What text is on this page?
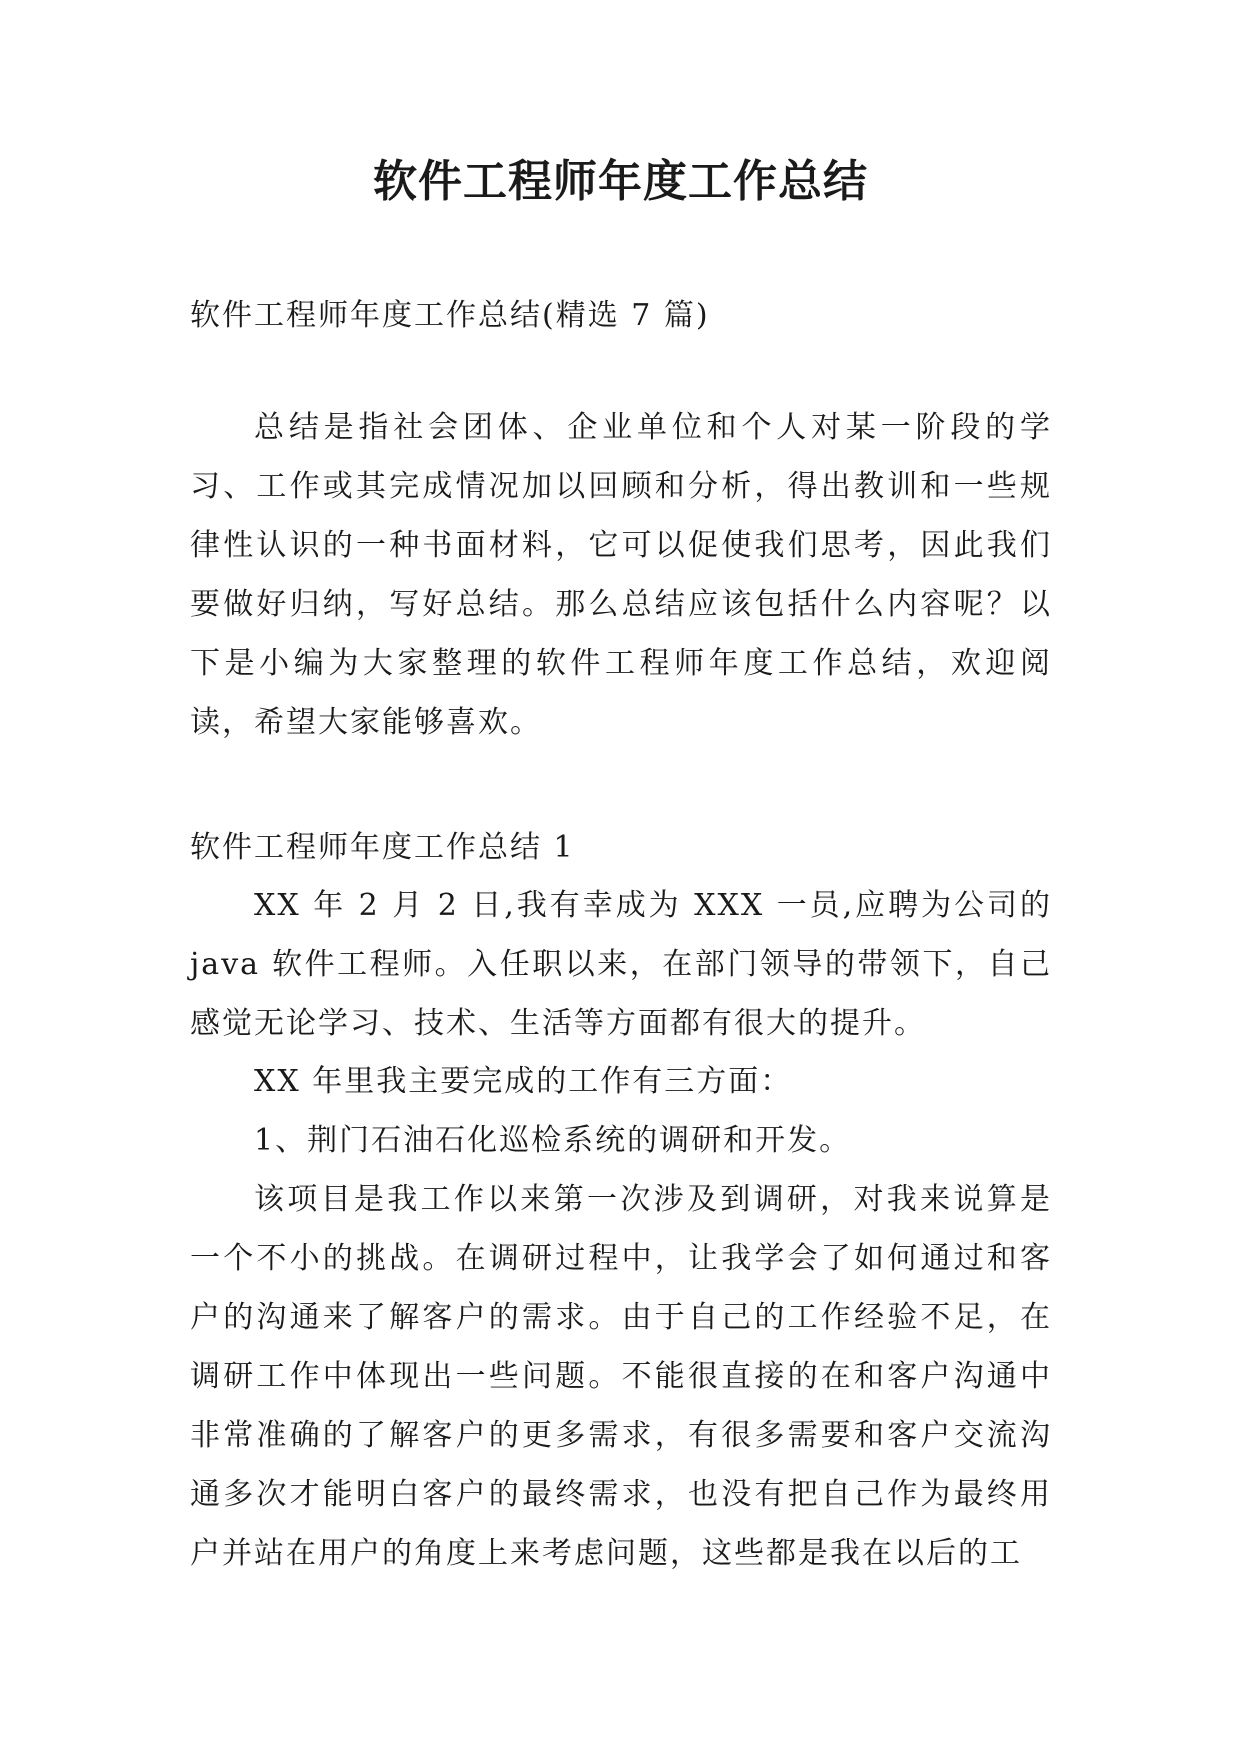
软件工程师年度工作总结

软件工程师年度工作总结(精选 7 篇)

总结是指社会团体、企业单位和个人对某一阶段的学习、工作或其完成情况加以回顾和分析，得出教训和一些规律性认识的一种书面材料，它可以促使我们思考，因此我们要做好归纳，写好总结。那么总结应该包括什么内容呢？以下是小编为大家整理的软件工程师年度工作总结，欢迎阅读，希望大家能够喜欢。

软件工程师年度工作总结 1

XX 年 2 月 2 日,我有幸成为 XXX 一员,应聘为公司的 java 软件工程师。入任职以来，在部门领导的带领下，自己感觉无论学习、技术、生活等方面都有很大的提升。

XX 年里我主要完成的工作有三方面：

1、荆门石油石化巡检系统的调研和开发。

该项目是我工作以来第一次涉及到调研，对我来说算是一个不小的挑战。在调研过程中，让我学会了如何通过和客户的沟通来了解客户的需求。由于自己的工作经验不足，在调研工作中体现出一些问题。不能很直接的在和客户沟通中非常准确的了解客户的更多需求，有很多需要和客户交流沟通多次才能明白客户的最终需求，也没有把自己作为最终用户并站在用户的角度上来考虑问题，这些都是我在以后的工
